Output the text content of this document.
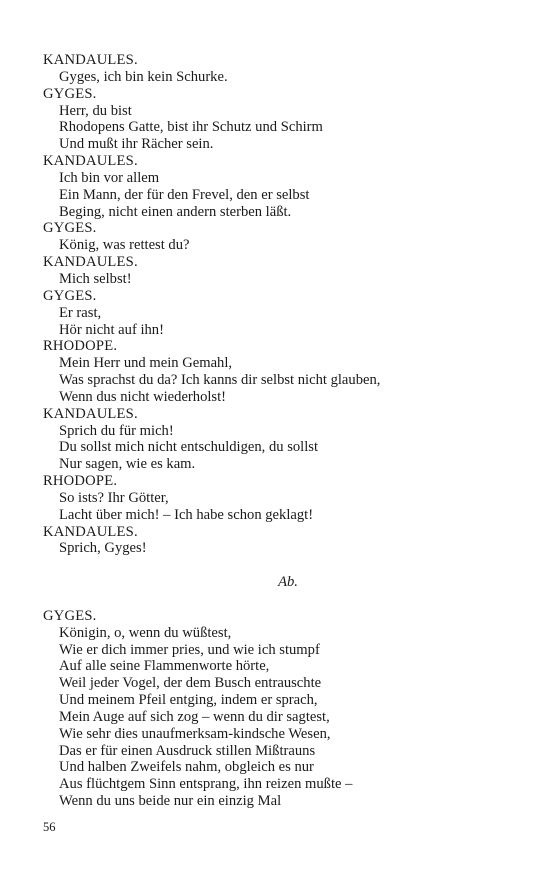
KANDAULES.
Gyges, ich bin kein Schurke.
GYGES.
Herr, du bist
Rhodopens Gatte, bist ihr Schutz und Schirm
Und mußt ihr Rächer sein.
KANDAULES.
Ich bin vor allem
Ein Mann, der für den Frevel, den er selbst
Beging, nicht einen andern sterben läßt.
GYGES.
König, was rettest du?
KANDAULES.
Mich selbst!
GYGES.
Er rast,
Hör nicht auf ihn!
RHODOPE.
Mein Herr und mein Gemahl,
Was sprachst du da? Ich kanns dir selbst nicht glauben,
Wenn dus nicht wiederholst!
KANDAULES.
Sprich du für mich!
Du sollst mich nicht entschuldigen, du sollst
Nur sagen, wie es kam.
RHODOPE.
So ists? Ihr Götter,
Lacht über mich! – Ich habe schon geklagt!
KANDAULES.
Sprich, Gyges!
Ab.
GYGES.
Königin, o, wenn du wüßtest,
Wie er dich immer pries, und wie ich stumpf
Auf alle seine Flammenworte hörte,
Weil jeder Vogel, der dem Busch entrauschte
Und meinem Pfeil entging, indem er sprach,
Mein Auge auf sich zog – wenn du dir sagtest,
Wie sehr dies unaufmerksam-kindsche Wesen,
Das er für einen Ausdruck stillen Mißtrauns
Und halben Zweifels nahm, obgleich es nur
Aus flüchtgem Sinn entsprang, ihn reizen mußte –
Wenn du uns beide nur ein einzig Mal
56
